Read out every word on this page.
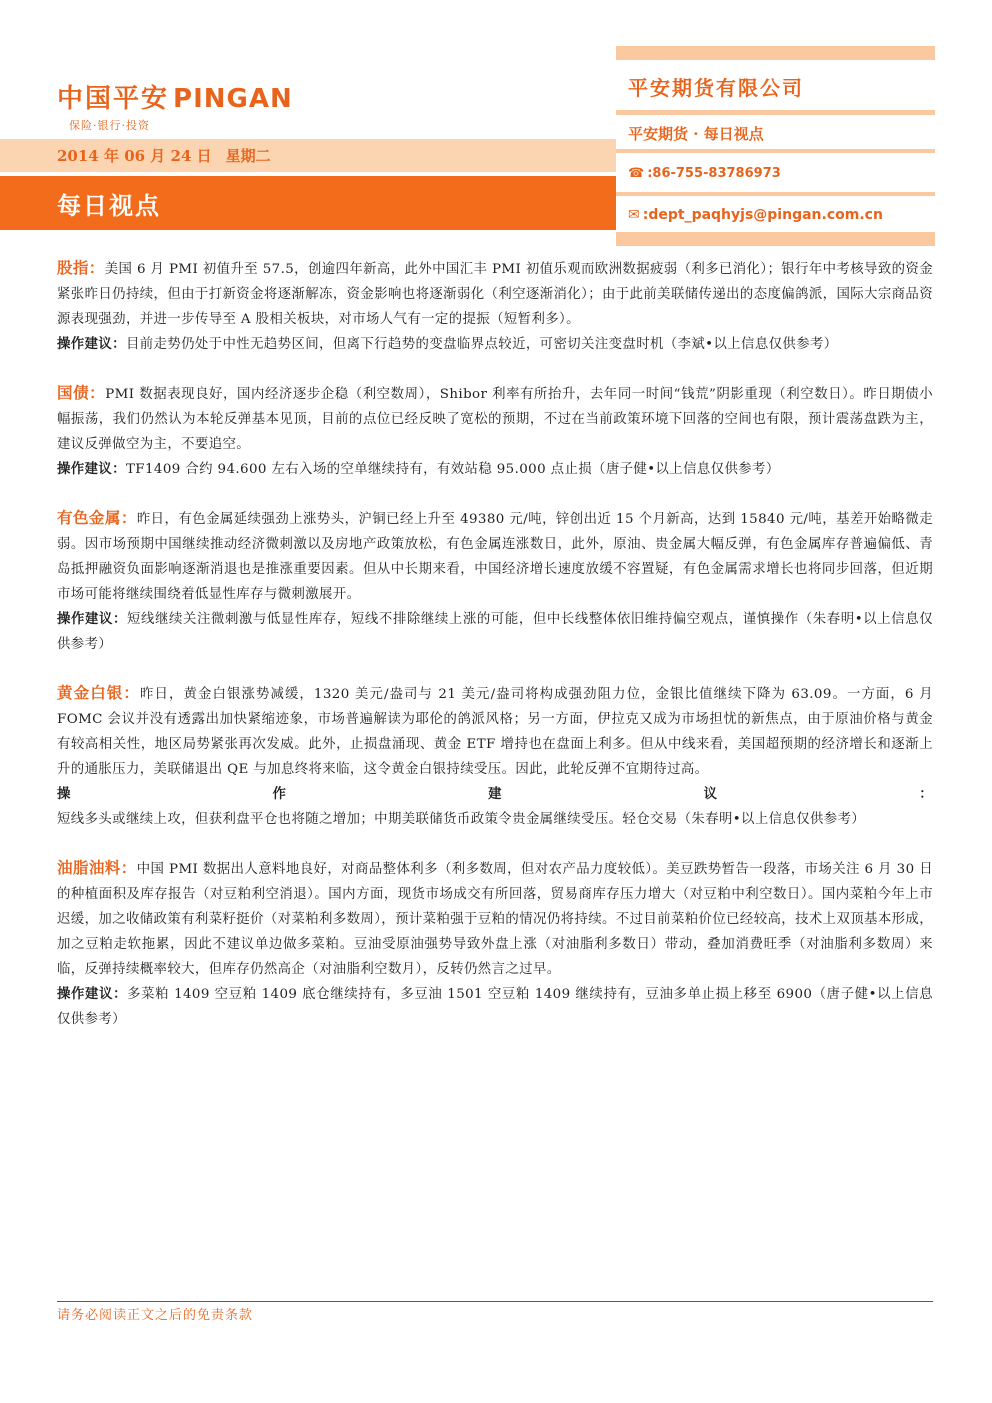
中国平安 PINGAN
保险·银行·投资
2014 年 06 月 24 日 星期二
每日视点
平安期货有限公司
平安期货 · 每日视点
☎ :86-755-83786973
✉ :dept_paqhyjs@pingan.com.cn

股指：美国 6 月 PMI 初值升至 57.5，创逾四年新高，此外中国汇丰 PMI 初值乐观而欧洲数据疲弱（利多已消化）；银行年中考核导致的资金紧张昨日仍持续，但由于打新资金将逐渐解冻，资金影响也将逐渐弱化（利空逐渐消化）；由于此前美联储传递出的态度偏鸽派，国际大宗商品资源表现强劲，并进一步传导至 A 股相关板块，对市场人气有一定的提振（短暂利多）。

操作建议：目前走势仍处于中性无趋势区间，但离下行趋势的变盘临界点较近，可密切关注变盘时机（李斌•以上信息仅供参考）

国债：PMI 数据表现良好，国内经济逐步企稳（利空数周），Shibor 利率有所抬升，去年同一时间“钱荒”阴影重现（利空数日）。昨日期债小幅振荡，我们仍然认为本轮反弹基本见顶，目前的点位已经反映了宽松的预期，不过在当前政策环境下回落的空间也有限，预计震荡盘跌为主，建议反弹做空为主，不要追空。

操作建议：TF1409 合约 94.600 左右入场的空单继续持有，有效站稳 95.000 点止损（唐子健•以上信息仅供参考）

有色金属：昨日，有色金属延续强劲上涨势头，沪铜已经上升至 49380 元/吨，锌创出近 15 个月新高，达到 15840 元/吨，基差开始略微走弱。因市场预期中国继续推动经济微刺激以及房地产政策放松，有色金属连涨数日，此外，原油、贵金属大幅反弹，有色金属库存普遍偏低、青岛抵押融资负面影响逐渐消退也是推涨重要因素。但从中长期来看，中国经济增长速度放缓不容置疑，有色金属需求增长也将同步回落，但近期市场可能将继续围绕着低显性库存与微刺激展开。

操作建议：短线继续关注微刺激与低显性库存，短线不排除继续上涨的可能，但中长线整体依旧维持偏空观点，谨慎操作（朱春明•以上信息仅供参考）

黄金白银：昨日，黄金白银涨势减缓，1320 美元/盎司与 21 美元/盎司将构成强劲阻力位，金银比值继续下降为 63.09。一方面，6 月 FOMC 会议并没有透露出加快紧缩迹象，市场普遍解读为耶伦的鸽派风格；另一方面，伊拉克又成为市场担忧的新焦点，由于原油价格与黄金有较高相关性，地区局势紧张再次发威。此外，止损盘涌现、黄金 ETF 增持也在盘面上利多。但从中线来看，美国超预期的经济增长和逐渐上升的通胀压力，美联储退出 QE 与加息终将来临，这令黄金白银持续受压。因此，此轮反弹不宜期待过高。

操作建议：短线多头或继续上攻，但获利盘平仓也将随之增加；中期美联储货币政策令贵金属继续受压。轻仓交易（朱春明•以上信息仅供参考）

油脂油料：中国 PMI 数据出人意料地良好，对商品整体利多（利多数周，但对农产品力度较低）。美豆跌势暂告一段落，市场关注 6 月 30 日的种植面积及库存报告（对豆粕利空消退）。国内方面，现货市场成交有所回落，贸易商库存压力增大（对豆粕中利空数日）。国内菜粕今年上市迟缓，加之收储政策有利菜籽挺价（对菜粕利多数周），预计菜粕强于豆粕的情况仍将持续。不过目前菜粕价位已经较高，技术上双顶基本形成，加之豆粕走软拖累，因此不建议单边做多菜粕。豆油受原油强势导致外盘上涨（对油脂利多数日）带动，叠加消费旺季（对油脂利多数周）来临，反弹持续概率较大，但库存仍然高企（对油脂利空数月），反转仍然言之过早。

操作建议：多菜粕 1409 空豆粕 1409 底仓继续持有，多豆油 1501 空豆粕 1409 继续持有，豆油多单止损上移至 6900（唐子健•以上信息仅供参考）

请务必阅读正文之后的免责条款
